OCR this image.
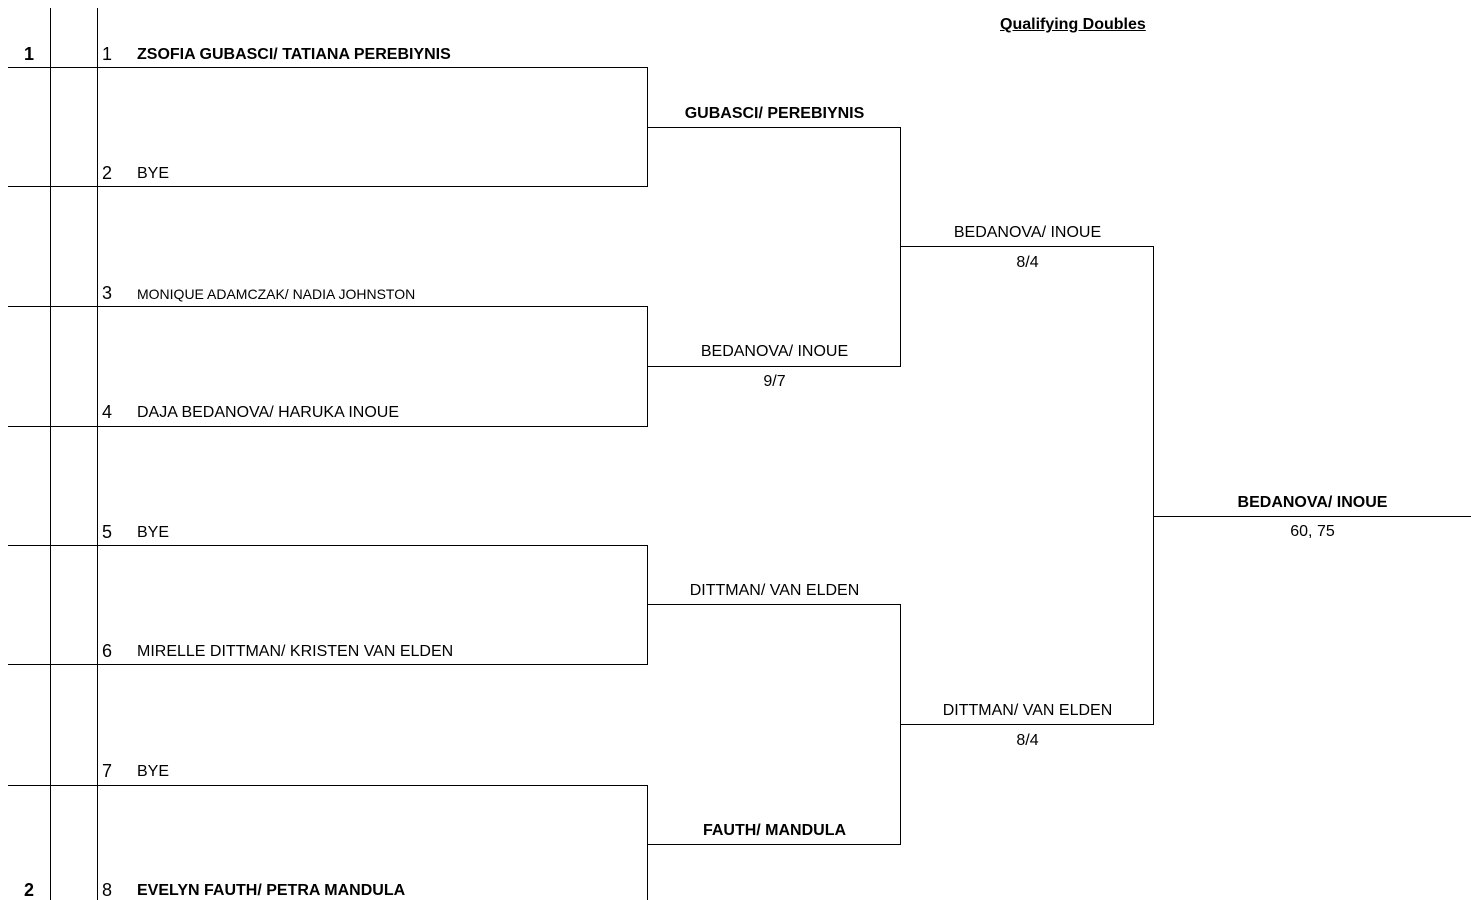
Qualifying Doubles
1
2
1 ZSOFIA GUBASCI/ TATIANA PEREBIYNIS
2 BYE
3 MONIQUE ADAMCZAK/ NADIA JOHNSTON
4 DAJA BEDANOVA/ HARUKA INOUE
5 BYE
6 MIRELLE DITTMAN/ KRISTEN VAN ELDEN
7 BYE
8 EVELYN FAUTH/ PETRA MANDULA
GUBASCI/ PEREBIYNIS
BEDANOVA/ INOUE
9/7
DITTMAN/ VAN ELDEN
FAUTH/ MANDULA
BEDANOVA/ INOUE
8/4
DITTMAN/ VAN ELDEN
8/4
BEDANOVA/ INOUE
60, 75
